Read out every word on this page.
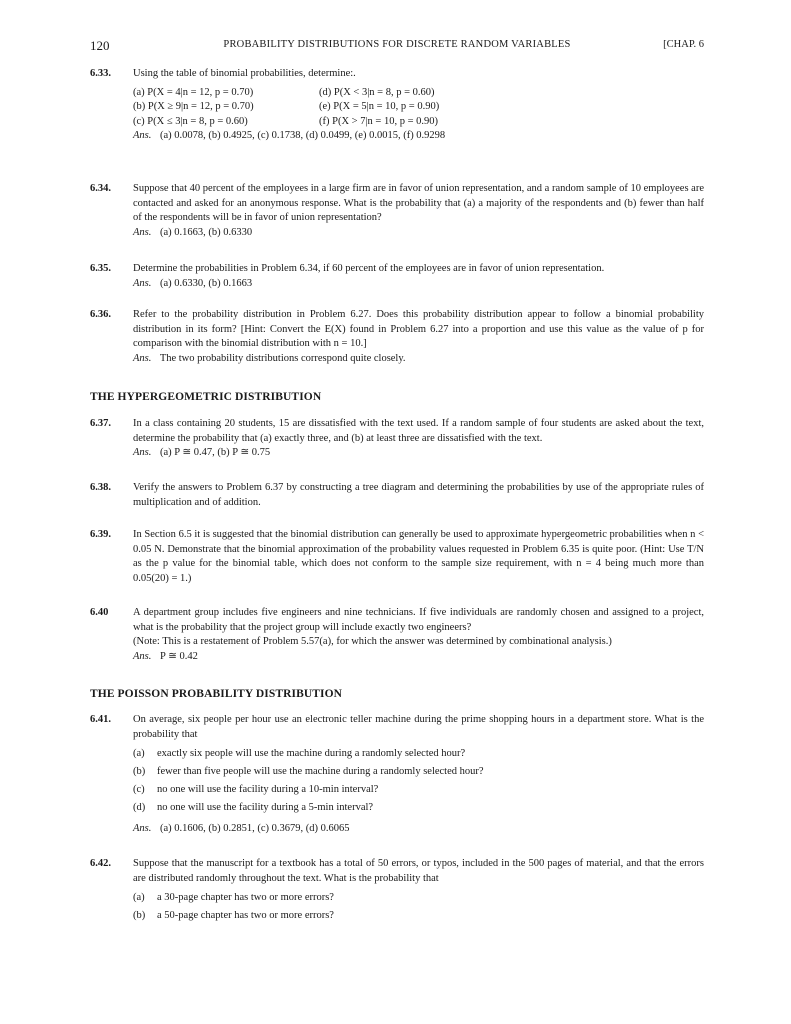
120	PROBABILITY DISTRIBUTIONS FOR DISCRETE RANDOM VARIABLES	[CHAP. 6
6.33. Using the table of binomial probabilities, determine:.
(a) P(X = 4|n = 12, p = 0.70)	(d) P(X < 3|n = 8, p = 0.60)
(b) P(X ≥ 9|n = 12, p = 0.70)	(e) P(X = 5|n = 10, p = 0.90)
(c) P(X ≤ 3|n = 8, p = 0.60)	(f) P(X > 7|n = 10, p = 0.90)
Ans. (a) 0.0078, (b) 0.4925, (c) 0.1738, (d) 0.0499, (e) 0.0015, (f) 0.9298
6.34. Suppose that 40 percent of the employees in a large firm are in favor of union representation, and a random sample of 10 employees are contacted and asked for an anonymous response. What is the probability that (a) a majority of the respondents and (b) fewer than half of the respondents will be in favor of union representation?
Ans. (a) 0.1663, (b) 0.6330
6.35. Determine the probabilities in Problem 6.34, if 60 percent of the employees are in favor of union representation.
Ans. (a) 0.6330, (b) 0.1663
6.36. Refer to the probability distribution in Problem 6.27. Does this probability distribution appear to follow a binomial probability distribution in its form? [Hint: Convert the E(X) found in Problem 6.27 into a proportion and use this value as the value of p for comparison with the binomial distribution with n = 10.]
Ans. The two probability distributions correspond quite closely.
THE HYPERGEOMETRIC DISTRIBUTION
6.37. In a class containing 20 students, 15 are dissatisfied with the text used. If a random sample of four students are asked about the text, determine the probability that (a) exactly three, and (b) at least three are dissatisfied with the text.
Ans. (a) P ≅ 0.47, (b) P ≅ 0.75
6.38. Verify the answers to Problem 6.37 by constructing a tree diagram and determining the probabilities by use of the appropriate rules of multiplication and of addition.
6.39. In Section 6.5 it is suggested that the binomial distribution can generally be used to approximate hypergeometric probabilities when n < 0.05 N. Demonstrate that the binomial approximation of the probability values requested in Problem 6.35 is quite poor. (Hint: Use T/N as the p value for the binomial table, which does not conform to the sample size requirement, with n = 4 being much more than 0.05(20) = 1.)
6.40 A department group includes five engineers and nine technicians. If five individuals are randomly chosen and assigned to a project, what is the probability that the project group will include exactly two engineers?
(Note: This is a restatement of Problem 5.57(a), for which the answer was determined by combinational analysis.)
Ans. P ≅ 0.42
THE POISSON PROBABILITY DISTRIBUTION
6.41. On average, six people per hour use an electronic teller machine during the prime shopping hours in a department store. What is the probability that
(a) exactly six people will use the machine during a randomly selected hour?
(b) fewer than five people will use the machine during a randomly selected hour?
(c) no one will use the facility during a 10-min interval?
(d) no one will use the facility during a 5-min interval?
Ans. (a) 0.1606, (b) 0.2851, (c) 0.3679, (d) 0.6065
6.42. Suppose that the manuscript for a textbook has a total of 50 errors, or typos, included in the 500 pages of material, and that the errors are distributed randomly throughout the text. What is the probability that
(a) a 30-page chapter has two or more errors?
(b) a 50-page chapter has two or more errors?
